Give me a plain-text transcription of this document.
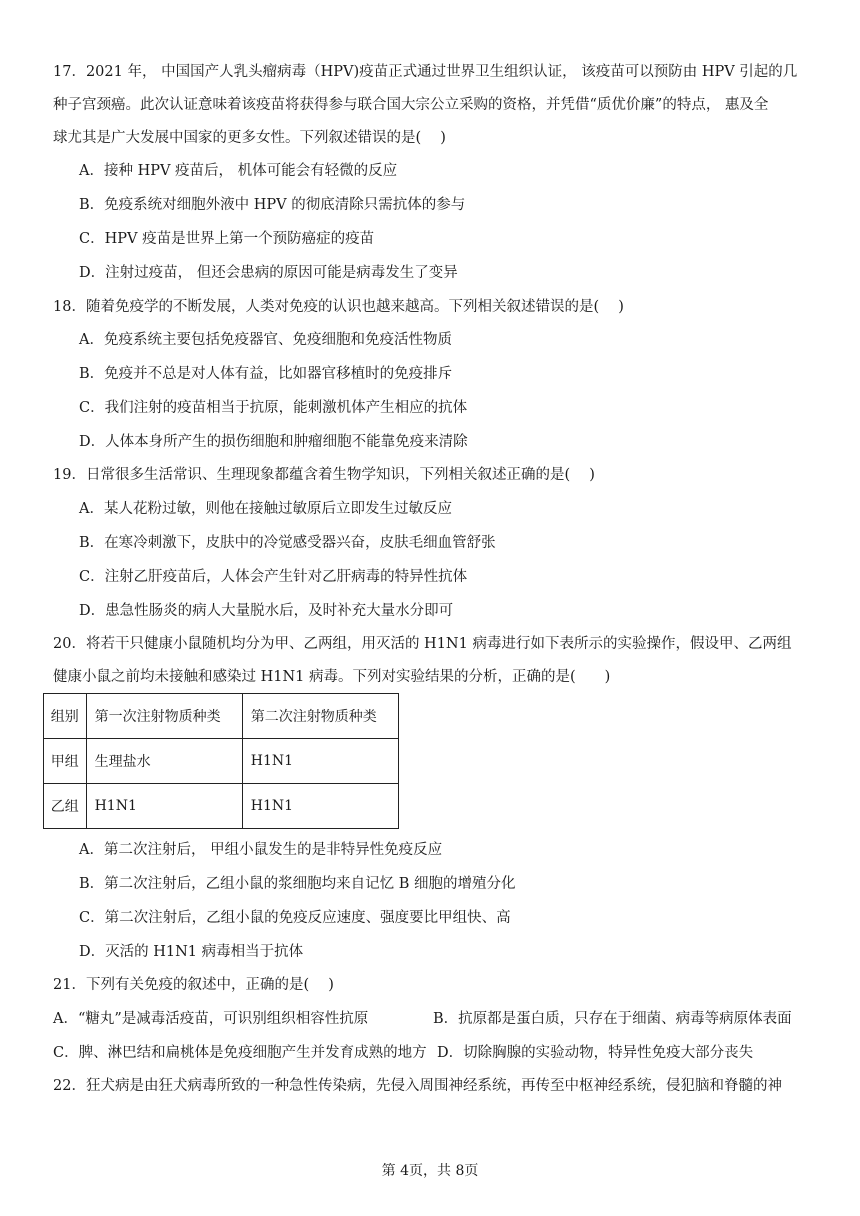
17．2021 年， 中国国产人乳头瘤病毒（HPV)疫苗正式通过世界卫生组织认证， 该疫苗可以预防由 HPV 引起的几
种子宫颈癌。此次认证意味着该疫苗将获得参与联合国大宗公立采购的资格，并凭借“质优价廉”的特点， 惠及全
球尤其是广大发展中国家的更多女性。下列叙述错误的是(　 )
A．接种 HPV 疫苗后， 机体可能会有轻微的反应
B．免疫系统对细胞外液中 HPV 的彻底清除只需抗体的参与
C．HPV 疫苗是世界上第一个预防癌症的疫苗
D．注射过疫苗， 但还会患病的原因可能是病毒发生了变异
18．随着免疫学的不断发展，人类对免疫的认识也越来越高。下列相关叙述错误的是(　 )
A．免疫系统主要包括免疫器官、免疫细胞和免疫活性物质
B．免疫并不总是对人体有益，比如器官移植时的免疫排斥
C．我们注射的疫苗相当于抗原，能刺激机体产生相应的抗体
D．人体本身所产生的损伤细胞和肿瘤细胞不能靠免疫来清除
19．日常很多生活常识、生理现象都蕴含着生物学知识，下列相关叙述正确的是(　 )
A．某人花粉过敏，则他在接触过敏原后立即发生过敏反应
B．在寒冷刺激下，皮肤中的冷觉感受器兴奋，皮肤毛细血管舒张
C．注射乙肝疫苗后，人体会产生针对乙肝病毒的特异性抗体
D．患急性肠炎的病人大量脱水后，及时补充大量水分即可
20．将若干只健康小鼠随机均分为甲、乙两组，用灭活的 H1N1 病毒进行如下表所示的实验操作，假设甲、乙两组
健康小鼠之前均未接触和感染过 H1N1 病毒。下列对实验结果的分析，正确的是(　　)
组别	第一次注射物质种类	第二次注射物质种类
甲组	生理盐水	H1N1
乙组	H1N1	H1N1
A．第二次注射后， 甲组小鼠发生的是非特异性免疫反应
B．第二次注射后，乙组小鼠的浆细胞均来自记忆 B 细胞的增殖分化
C．第二次注射后，乙组小鼠的免疫反应速度、强度要比甲组快、高
D．灭活的 H1N1 病毒相当于抗体
21．下列有关免疫的叙述中，正确的是(　 )
A．“糖丸”是减毒活疫苗，可识别组织相容性抗原	B．抗原都是蛋白质，只存在于细菌、病毒等病原体表面
C．脾、淋巴结和扁桃体是免疫细胞产生并发育成熟的地方 D．切除胸腺的实验动物，特异性免疫大部分丧失
22．狂犬病是由狂犬病毒所致的一种急性传染病，先侵入周围神经系统，再传至中枢神经系统，侵犯脑和脊髓的神
第 4页，共 8页
